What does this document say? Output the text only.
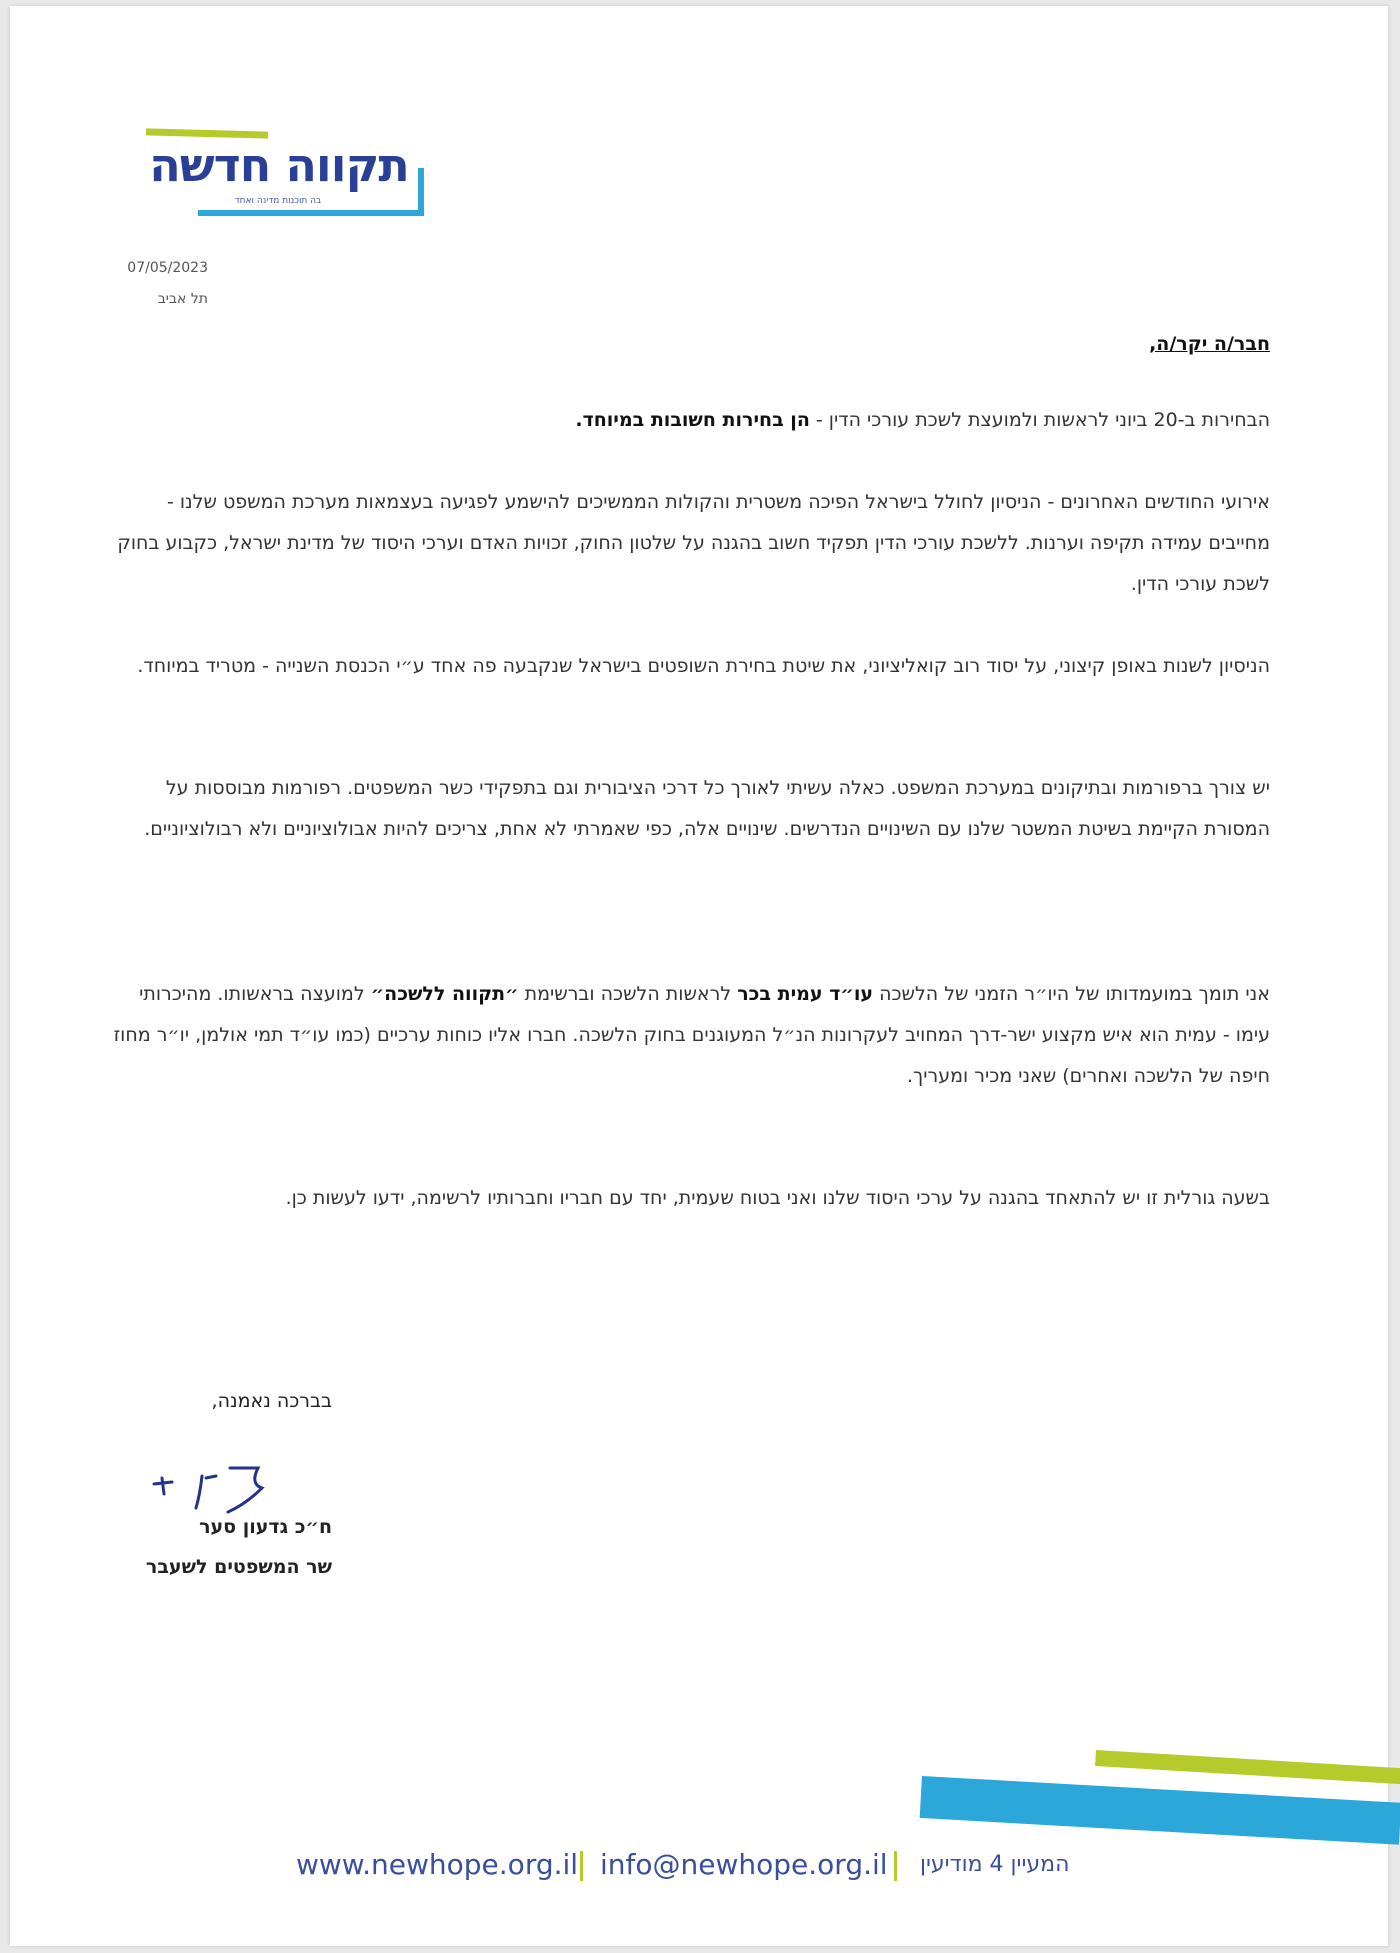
תקווה חדשה
בה תוכנות מדינה ואחד
07/05/2023
תל אביב
חבר/ה יקר/ה,
הבחירות ב-20 ביוני לראשות ולמועצת לשכת עורכי הדין - הן בחירות חשובות במיוחד.
אירועי החודשים האחרונים - הניסיון לחולל בישראל הפיכה משטרית והקולות הממשיכים להישמע לפגיעה בעצמאות מערכת המשפט שלנו - מחייבים עמידה תקיפה וערנות. ללשכת עורכי הדין תפקיד חשוב בהגנה על שלטון החוק, זכויות האדם וערכי היסוד של מדינת ישראל, כקבוע בחוק לשכת עורכי הדין.
הניסיון לשנות באופן קיצוני, על יסוד רוב קואליציוני, את שיטת בחירת השופטים בישראל שנקבעה פה אחד ע״י הכנסת השנייה - מטריד במיוחד.
יש צורך ברפורמות ובתיקונים במערכת המשפט. כאלה עשיתי לאורך כל דרכי הציבורית וגם בתפקידי כשר המשפטים. רפורמות מבוססות על המסורת הקיימת בשיטת המשטר שלנו עם השינויים הנדרשים. שינויים אלה, כפי שאמרתי לא אחת, צריכים להיות אבולוציוניים ולא רבולוציוניים.
אני תומך במועמדותו של היו״ר הזמני של הלשכה עו״ד עמית בכר לראשות הלשכה וברשימת ״תקווה ללשכה״ למועצה בראשותו. מהיכרותי עימו - עמית הוא איש מקצוע ישר-דרך המחויב לעקרונות הנ״ל המעוגנים בחוק הלשכה. חברו אליו כוחות ערכיים (כמו עו״ד תמי אולמן, יו״ר מחוז חיפה של הלשכה ואחרים) שאני מכיר ומעריך.
בשעה גורלית זו יש להתאחד בהגנה על ערכי היסוד שלנו ואני בטוח שעמית, יחד עם חבריו וחברותיו לרשימה, ידעו לעשות כן.
בברכה נאמנה,
ח״כ גדעון סער
שר המשפטים לשעבר
www.newhope.org.il info@newhope.org.il המעיין 4 מודיעין
